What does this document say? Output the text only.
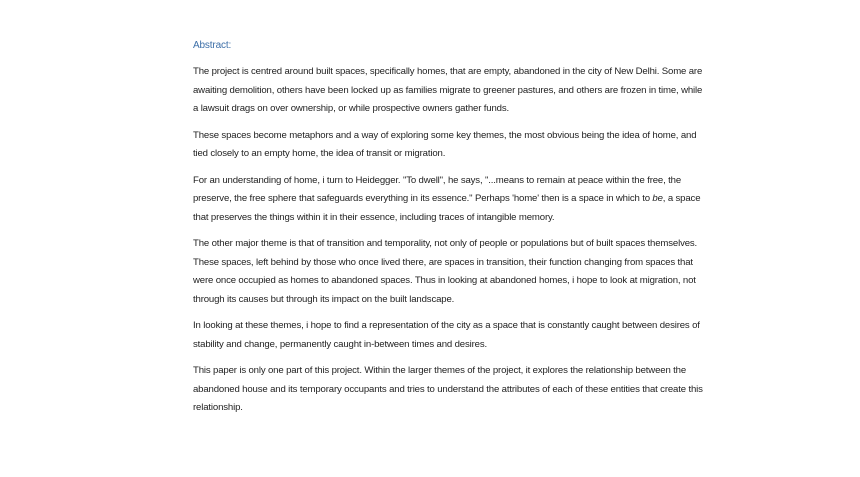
Abstract:

The project is centred around built spaces, specifically homes, that are empty, abandoned in the city of New Delhi. Some are awaiting demolition, others have been locked up as families migrate to greener pastures, and others are frozen in time, while a lawsuit drags on over ownership, or while prospective owners gather funds.

These spaces become metaphors and a way of exploring some key themes, the most obvious being the idea of home, and tied closely to an empty home, the idea of transit or migration.

For an understanding of home, i turn to Heidegger. "To dwell", he says, "...means to remain at peace within the free, the preserve, the free sphere that safeguards everything in its essence." Perhaps 'home' then is a space in which to be, a space that preserves the things within it in their essence, including traces of intangible memory.

The other major theme is that of transition and temporality, not only of people or populations but of built spaces themselves. These spaces, left behind by those who once lived there, are spaces in transition, their function changing from spaces that were once occupied as homes to abandoned spaces. Thus in looking at abandoned homes, i hope to look at migration, not through its causes but through its impact on the built landscape.

In looking at these themes, i hope to find a representation of the city as a space that is constantly caught between desires of stability and change, permanently caught in-between times and desires.

This paper is only one part of this project. Within the larger themes of the project, it explores the relationship between the abandoned house and its temporary occupants and tries to understand the attributes of each of these entities that create this relationship.
